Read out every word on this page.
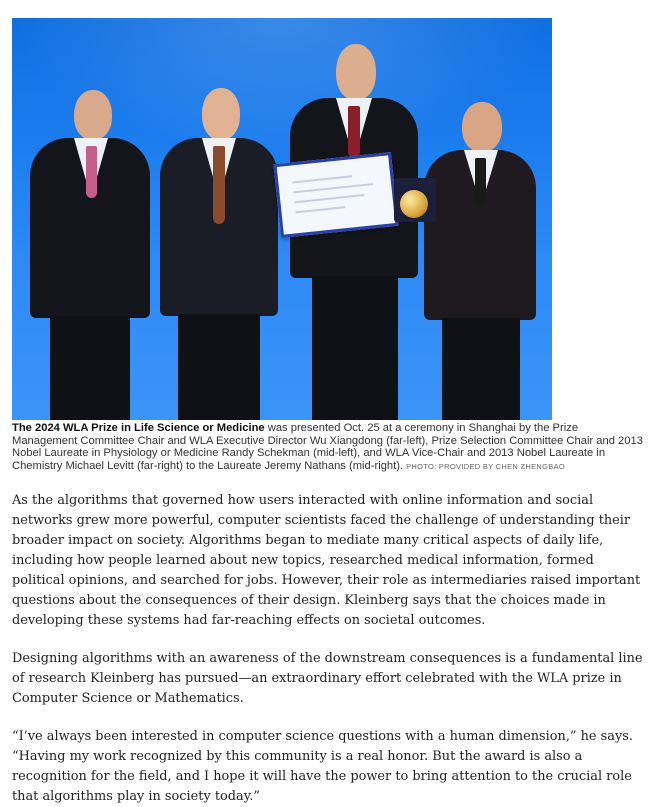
The 2024 WLA Prize in Life Science or Medicine was presented Oct. 25 at a ceremony in Shanghai by the Prize Management Committee Chair and WLA Executive Director Wu Xiangdong (far-left), Prize Selection Committee Chair and 2013 Nobel Laureate in Physiology or Medicine Randy Schekman (mid-left), and WLA Vice-Chair and 2013 Nobel Laureate in Chemistry Michael Levitt (far-right) to the Laureate Jeremy Nathans (mid-right). PHOTO: PROVIDED BY CHEN ZHENGBAO

As the algorithms that governed how users interacted with online information and social networks grew more powerful, computer scientists faced the challenge of understanding their broader impact on society. Algorithms began to mediate many critical aspects of daily life, including how people learned about new topics, researched medical information, formed political opinions, and searched for jobs. However, their role as intermediaries raised important questions about the consequences of their design. Kleinberg says that the choices made in developing these systems had far-reaching effects on societal outcomes.

Designing algorithms with an awareness of the downstream consequences is a fundamental line of research Kleinberg has pursued—an extraordinary effort celebrated with the WLA prize in Computer Science or Mathematics.

“I’ve always been interested in computer science questions with a human dimension,” he says. “Having my work recognized by this community is a real honor. But the award is also a recognition for the field, and I hope it will have the power to bring attention to the crucial role that algorithms play in society today.”
